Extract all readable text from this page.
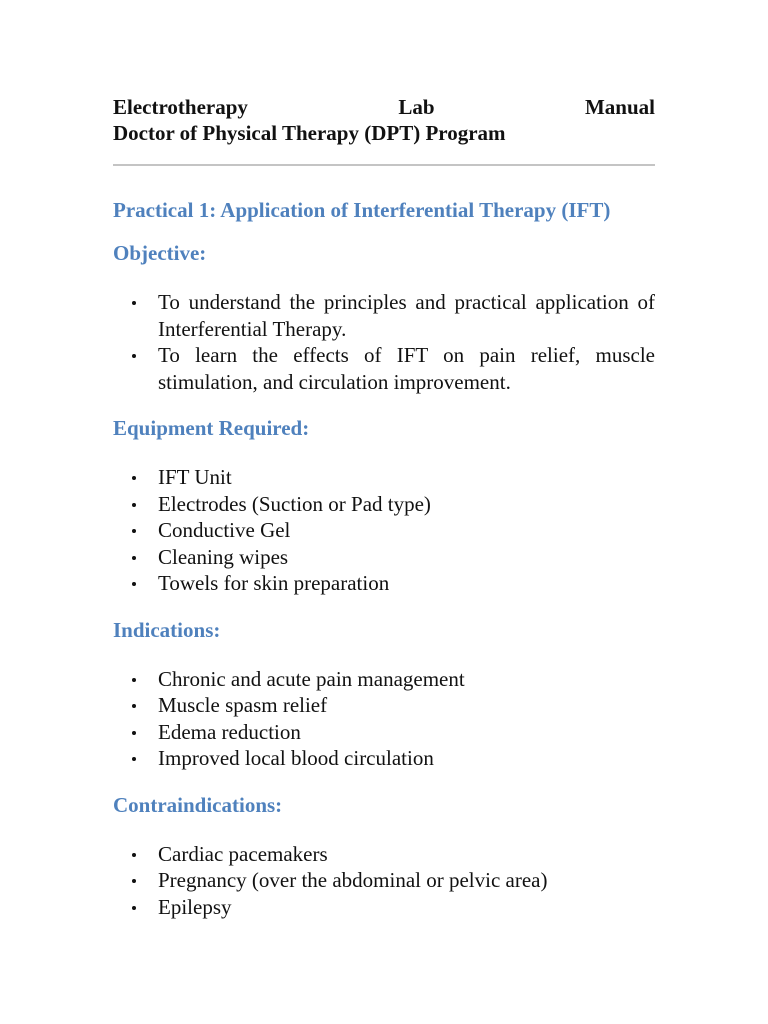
Electrotherapy	Lab	Manual
Doctor of Physical Therapy (DPT) Program
Practical 1: Application of Interferential Therapy (IFT)
Objective:
To understand the principles and practical application of Interferential Therapy.
To learn the effects of IFT on pain relief, muscle stimulation, and circulation improvement.
Equipment Required:
IFT Unit
Electrodes (Suction or Pad type)
Conductive Gel
Cleaning wipes
Towels for skin preparation
Indications:
Chronic and acute pain management
Muscle spasm relief
Edema reduction
Improved local blood circulation
Contraindications:
Cardiac pacemakers
Pregnancy (over the abdominal or pelvic area)
Epilepsy
